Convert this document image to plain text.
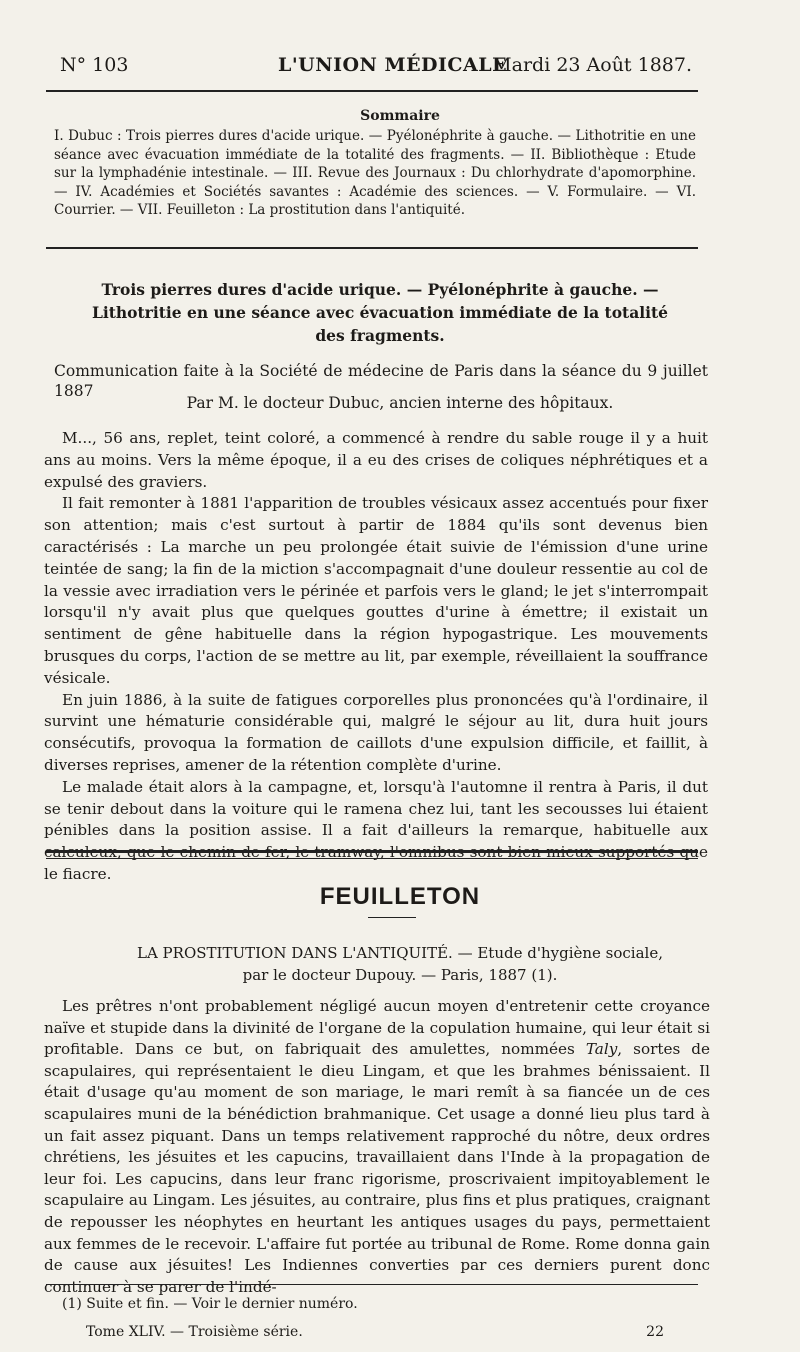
N° 103	L'UNION MÉDICALE
Mardi 23 Août 1887.
Sommaire

I. Dubuc : Trois pierres dures d'acide urique. — Pyélonéphrite à gauche. — Lithotritie en une séance avec évacuation immédiate de la totalité des fragments. — II. Bibliothèque : Etude sur la lymphadénie intestinale. — III. Revue des Journaux : Du chlorhydrate d'apomorphine. — IV. Académies et Sociétés savantes : Académie des sciences. — V. Formulaire. — VI. Courrier. — VII. Feuilleton : La prostitution dans l'antiquité.

Trois pierres dures d'acide urique. — Pyélonéphrite à gauche. —
Lithotritie en une séance avec évacuation immédiate de la totalité
des fragments.
Communication faite à la Société de médecine de Paris dans la séance du 9 juillet 1887
Par M. le docteur Dubuc, ancien interne des hôpitaux.

M..., 56 ans, replet, teint coloré, a commencé à rendre du sable rouge il y a huit ans au moins. Vers la même époque, il a eu des crises de coliques néphrétiques et a expulsé des graviers.

Il fait remonter à 1881 l'apparition de troubles vésicaux assez accentués pour fixer son attention; mais c'est surtout à partir de 1884 qu'ils sont devenus bien caractérisés : La marche un peu prolongée était suivie de l'émission d'une urine teintée de sang; la fin de la miction s'accompagnait d'une douleur ressentie au col de la vessie avec irradiation vers le périnée et parfois vers le gland; le jet s'interrompait lorsqu'il n'y avait plus que quelques gouttes d'urine à émettre; il existait un sentiment de gêne habituelle dans la région hypogastrique. Les mouvements brusques du corps, l'action de se mettre au lit, par exemple, réveillaient la souffrance vésicale.

En juin 1886, à la suite de fatigues corporelles plus prononcées qu'à l'ordinaire, il survint une hématurie considérable qui, malgré le séjour au lit, dura huit jours consécutifs, provoqua la formation de caillots d'une expulsion difficile, et faillit, à diverses reprises, amener de la rétention complète d'urine.

Le malade était alors à la campagne, et, lorsqu'à l'automne il rentra à Paris, il dut se tenir debout dans la voiture qui le ramena chez lui, tant les secousses lui étaient pénibles dans la position assise. Il a fait d'ailleurs la remarque, habituelle aux calculeux, que le chemin de fer, le tramway, l'omnibus sont bien mieux supportés que le fiacre.

FEUILLETON
LA PROSTITUTION DANS L'ANTIQUITÉ. — Etude d'hygiène sociale,
par le docteur Dupouy. — Paris, 1887 (1).

Les prêtres n'ont probablement négligé aucun moyen d'entretenir cette croyance naïve et stupide dans la divinité de l'organe de la copulation humaine, qui leur était si profitable. Dans ce but, on fabriquait des amulettes, nommées Taly, sortes de scapulaires, qui représentaient le dieu Lingam, et que les brahmes bénissaient. Il était d'usage qu'au moment de son mariage, le mari remît à sa fiancée un de ces scapulaires muni de la bénédiction brahmanique. Cet usage a donné lieu plus tard à un fait assez piquant. Dans un temps relativement rapproché du nôtre, deux ordres chrétiens, les jésuites et les capucins, travaillaient dans l'Inde à la propagation de leur foi. Les capucins, dans leur franc rigorisme, proscrivaient impitoyablement le scapulaire au Lingam. Les jésuites, au contraire, plus fins et plus pratiques, craignant de repousser les néophytes en heurtant les antiques usages du pays, permettaient aux femmes de le recevoir. L'affaire fut portée au tribunal de Rome. Rome donna gain de cause aux jésuites! Les Indiennes converties par ces derniers purent donc continuer à se parer de l'indé-

(1) Suite et fin. — Voir le dernier numéro.
Tome XLIV. — Troisième série.	22
